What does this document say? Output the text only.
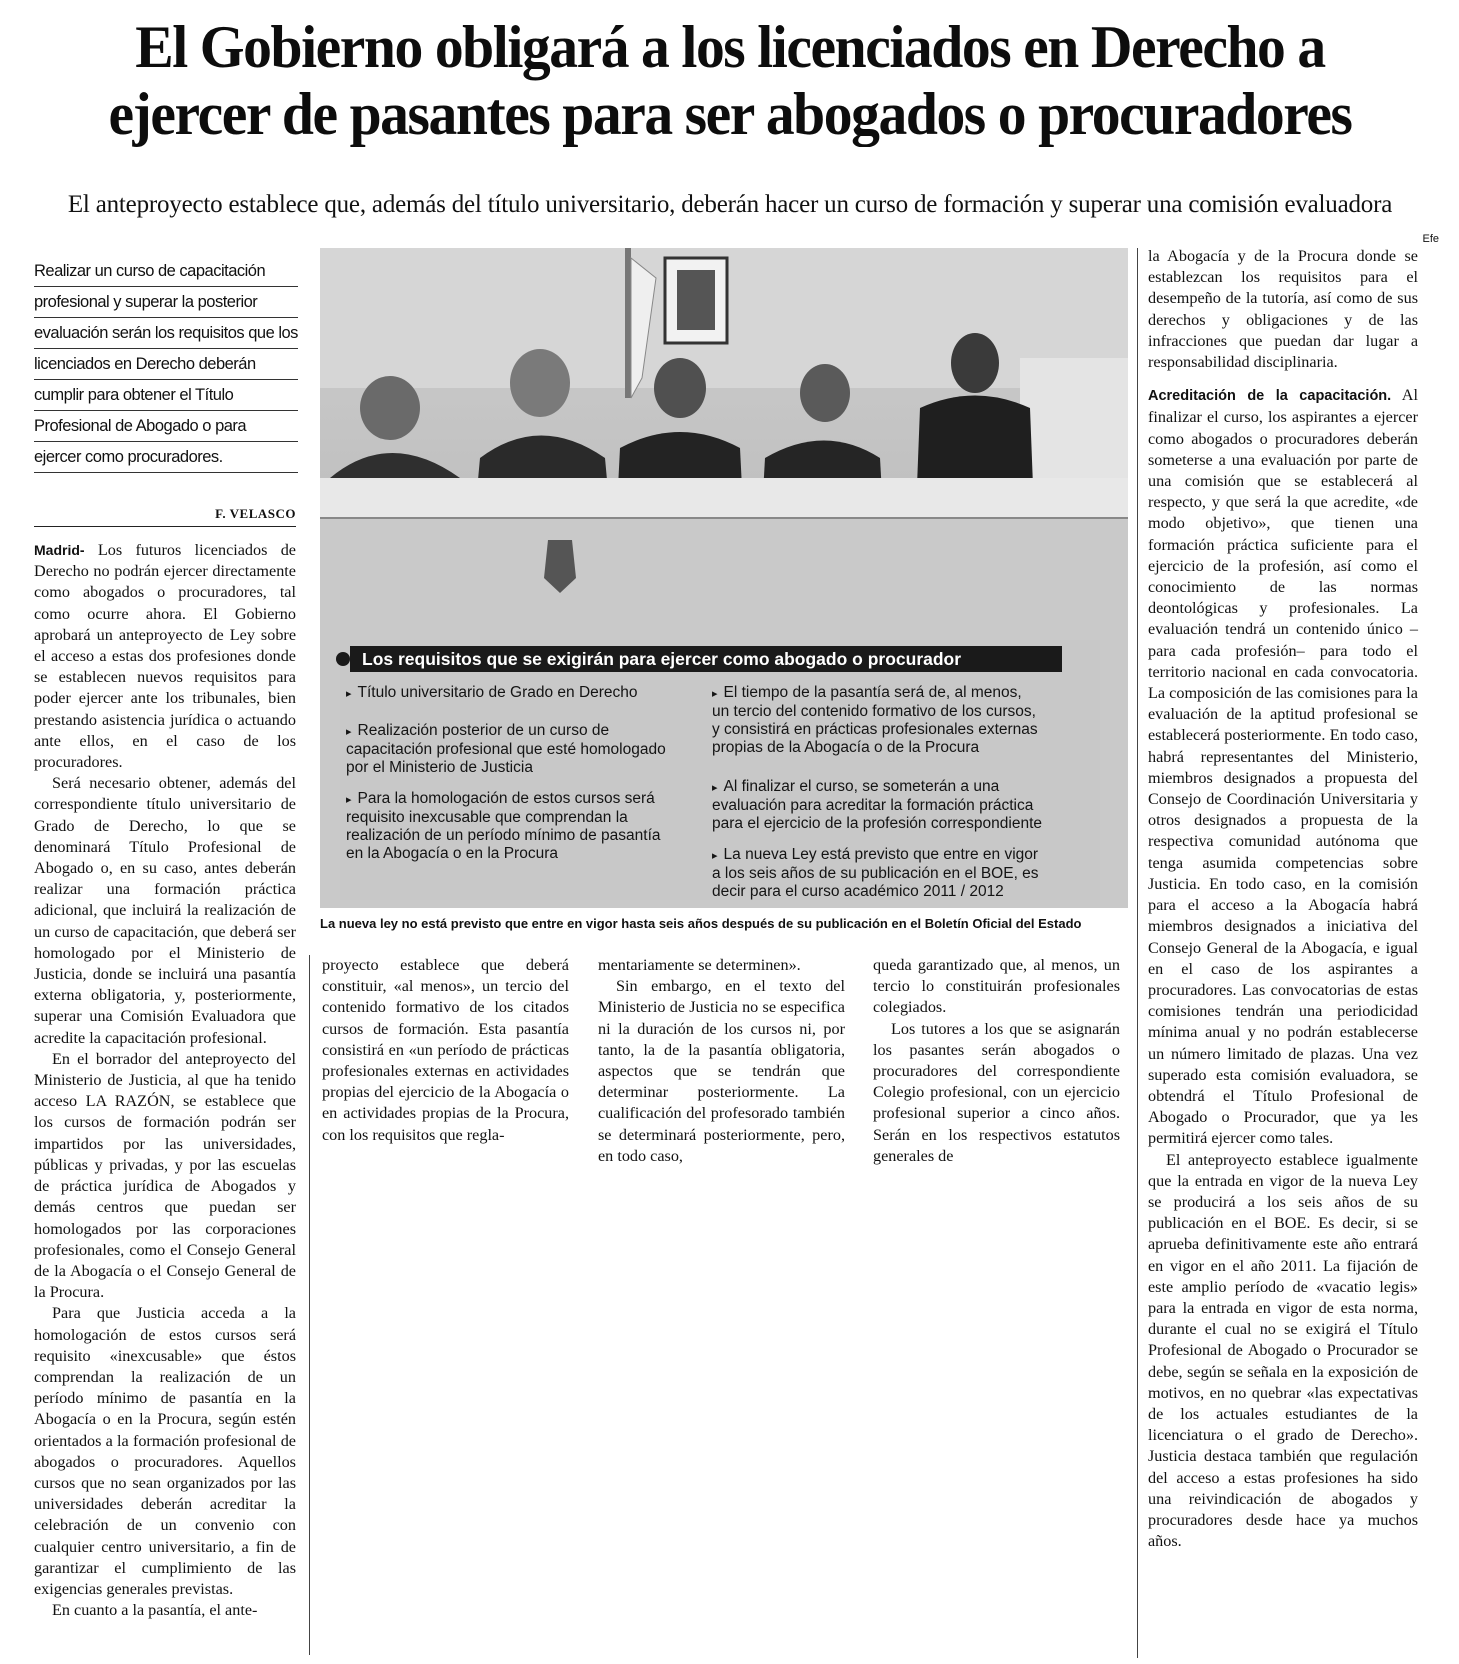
El Gobierno obligará a los licenciados en Derecho a ejercer de pasantes para ser abogados o procuradores

El anteproyecto establece que, además del título universitario, deberán hacer un curso de formación y superar una comisión evaluadora

Efe
Realizar un curso de capacitación
profesional y superar la posterior
evaluación serán los requisitos que los
licenciados en Derecho deberán
cumplir para obtener el Título
Profesional de Abogado o para
ejercer como procuradores.
F. VELASCO

Madrid- Los futuros licenciados de Derecho no podrán ejercer directamente como abogados o procuradores, tal como ocurre ahora. El Gobierno aprobará un anteproyecto de Ley sobre el acceso a estas dos profesiones donde se establecen nuevos requisitos para poder ejercer ante los tribunales, bien prestando asistencia jurídica o actuando ante ellos, en el caso de los procuradores.

Será necesario obtener, además del correspondiente título universitario de Grado de Derecho, lo que se denominará Título Profesional de Abogado o, en su caso, antes deberán realizar una formación práctica adicional, que incluirá la realización de un curso de capacitación, que deberá ser homologado por el Ministerio de Justicia, donde se incluirá una pasantía externa obligatoria, y, posteriormente, superar una Comisión Evaluadora que acredite la capacitación profesional.

En el borrador del anteproyecto del Ministerio de Justicia, al que ha tenido acceso LA RAZÓN, se establece que los cursos de formación podrán ser impartidos por las universidades, públicas y privadas, y por las escuelas de práctica jurídica de Abogados y demás centros que puedan ser homologados por las corporaciones profesionales, como el Consejo General de la Abogacía o el Consejo General de la Procura.

Para que Justicia acceda a la homologación de estos cursos será requisito «inexcusable» que éstos comprendan la realización de un período mínimo de pasantía en la Abogacía o en la Procura, según estén orientados a la formación profesional de abogados o procuradores. Aquellos cursos que no sean organizados por las universidades deberán acreditar la celebración de un convenio con cualquier centro universitario, a fin de garantizar el cumplimiento de las exigencias generales previstas.

En cuanto a la pasantía, el ante-

Los requisitos que se exigirán para ejercer como abogado o procurador
▸ Título universitario de Grado en Derecho
▸ Realización posterior de un curso de capacitación profesional que esté homologado por el Ministerio de Justicia
▸ Para la homologación de estos cursos será requisito inexcusable que comprendan la realización de un período mínimo de pasantía en la Abogacía o en la Procura
▸ El tiempo de la pasantía será de, al menos, un tercio del contenido formativo de los cursos, y consistirá en prácticas profesionales externas propias de la Abogacía o de la Procura
▸ Al finalizar el curso, se someterán a una evaluación para acreditar la formación práctica para el ejercicio de la profesión correspondiente
▸ La nueva Ley está previsto que entre en vigor a los seis años de su publicación en el BOE, es decir para el curso académico 2011 / 2012
La nueva ley no está previsto que entre en vigor hasta seis años después de su publicación en el Boletín Oficial del Estado

proyecto establece que deberá constituir, «al menos», un tercio del contenido formativo de los citados cursos de formación. Esta pasantía consistirá en «un período de prácticas profesionales externas en actividades propias del ejercicio de la Abogacía o en actividades propias de la Procura, con los requisitos que regla-

mentariamente se determinen».

Sin embargo, en el texto del Ministerio de Justicia no se especifica ni la duración de los cursos ni, por tanto, la de la pasantía obligatoria, aspectos que se tendrán que determinar posteriormente. La cualificación del profesorado también se determinará posteriormente, pero, en todo caso,

queda garantizado que, al menos, un tercio lo constituirán profesionales colegiados.

Los tutores a los que se asignarán los pasantes serán abogados o procuradores del correspondiente Colegio profesional, con un ejercicio profesional superior a cinco años. Serán en los respectivos estatutos generales de

la Abogacía y de la Procura donde se establezcan los requisitos para el desempeño de la tutoría, así como de sus derechos y obligaciones y de las infracciones que puedan dar lugar a responsabilidad disciplinaria.

Acreditación de la capacitación. Al finalizar el curso, los aspirantes a ejercer como abogados o procuradores deberán someterse a una evaluación por parte de una comisión que se establecerá al respecto, y que será la que acredite, «de modo objetivo», que tienen una formación práctica suficiente para el ejercicio de la profesión, así como el conocimiento de las normas deontológicas y profesionales. La evaluación tendrá un contenido único –para cada profesión– para todo el territorio nacional en cada convocatoria. La composición de las comisiones para la evaluación de la aptitud profesional se establecerá posteriormente. En todo caso, habrá representantes del Ministerio, miembros designados a propuesta del Consejo de Coordinación Universitaria y otros designados a propuesta de la respectiva comunidad autónoma que tenga asumida competencias sobre Justicia. En todo caso, en la comisión para el acceso a la Abogacía habrá miembros designados a iniciativa del Consejo General de la Abogacía, e igual en el caso de los aspirantes a procuradores. Las convocatorias de estas comisiones tendrán una periodicidad mínima anual y no podrán establecerse un número limitado de plazas. Una vez superado esta comisión evaluadora, se obtendrá el Título Profesional de Abogado o Procurador, que ya les permitirá ejercer como tales.

El anteproyecto establece igualmente que la entrada en vigor de la nueva Ley se producirá a los seis años de su publicación en el BOE. Es decir, si se aprueba definitivamente este año entrará en vigor en el año 2011. La fijación de este amplio período de «vacatio legis» para la entrada en vigor de esta norma, durante el cual no se exigirá el Título Profesional de Abogado o Procurador se debe, según se señala en la exposición de motivos, en no quebrar «las expectativas de los actuales estudiantes de la licenciatura o el grado de Derecho». Justicia destaca también que regulación del acceso a estas profesiones ha sido una reivindicación de abogados y procuradores desde hace ya muchos años.
